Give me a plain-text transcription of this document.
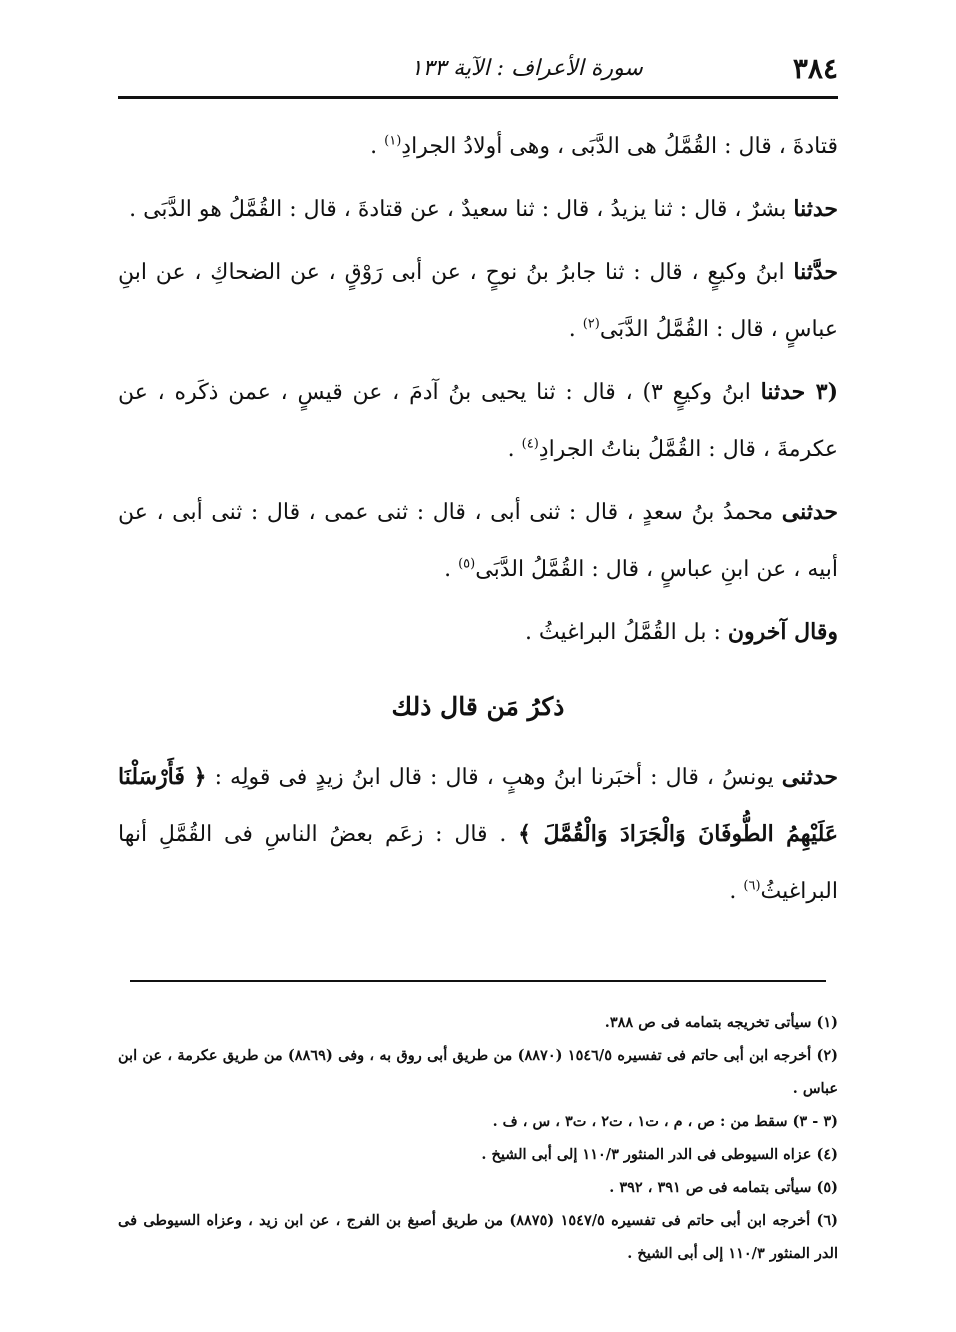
٣٨٤
سورة الأعراف : الآية ١٣٣

قتادةَ ، قال : القُمَّلُ هى الدَّبَى ، وهى أولادُ الجرادِ$^{(١)}$ .

حدثنا بشرٌ ، قال : ثنا يزيدُ ، قال : ثنا سعيدٌ ، عن قتادةَ ، قال : القُمَّلُ هو الدَّبَى .

حدَّثنا ابنُ وكيعٍ ، قال : ثنا جابرُ بنُ نوحٍ ، عن أبى رَوْقٍ ، عن الضحاكِ ، عن ابنِ عباسٍ ، قال : القُمَّلُ الدَّبَى$^{(٢)}$ .

(٣ حدثنا ابنُ وكيعٍ ٣) ، قال : ثنا يحيى بنُ آدمَ ، عن قيسٍ ، عمن ذكَره ، عن عكرمةَ ، قال : القُمَّلُ بناتُ الجرادِ$^{(٤)}$ .

حدثنى محمدُ بنُ سعدٍ ، قال : ثنى أبى ، قال : ثنى عمى ، قال : ثنى أبى ، عن أبيه ، عن ابنِ عباسٍ ، قال : القُمَّلُ الدَّبَى$^{(٥)}$ .

وقال آخرون : بل القُمَّلُ البراغيثُ .

ذكرُ مَن قال ذلك

حدثنى يونسُ ، قال : أخبَرنا ابنُ وهبٍ ، قال : قال ابنُ زيدٍ فى قولِه : ﴿ فَأَرْسَلْنَا عَلَيْهِمُ الطُّوفَانَ وَالْجَرَادَ وَالْقُمَّلَ ﴾ . قال : زعَم بعضُ الناسِ فى القُمَّلِ أنها البراغيثُ$^{(٦)}$ .

(١) سيأتى تخريجه بتمامه فى ص ٣٨٨.

(٢) أخرجه ابن أبى حاتم فى تفسيره ١٥٤٦/٥ (٨٨٧٠) من طريق أبى روق به ، وفى (٨٨٦٩) من طريق عكرمة ، عن ابن عباس .

(٣ - ٣) سقط من : ص ، م ، ت١ ، ت٢ ، ت٣ ، س ، ف .

(٤) عزاه السيوطى فى الدر المنثور ١١٠/٣ إلى أبى الشيخ .

(٥) سيأتى بتمامه فى ص ٣٩١ ، ٣٩٢ .

(٦) أخرجه ابن أبى حاتم فى تفسيره ١٥٤٧/٥ (٨٨٧٥) من طريق أصبغ بن الفرج ، عن ابن زيد ، وعزاه السيوطى فى الدر المنثور ١١٠/٣ إلى أبى الشيخ .
